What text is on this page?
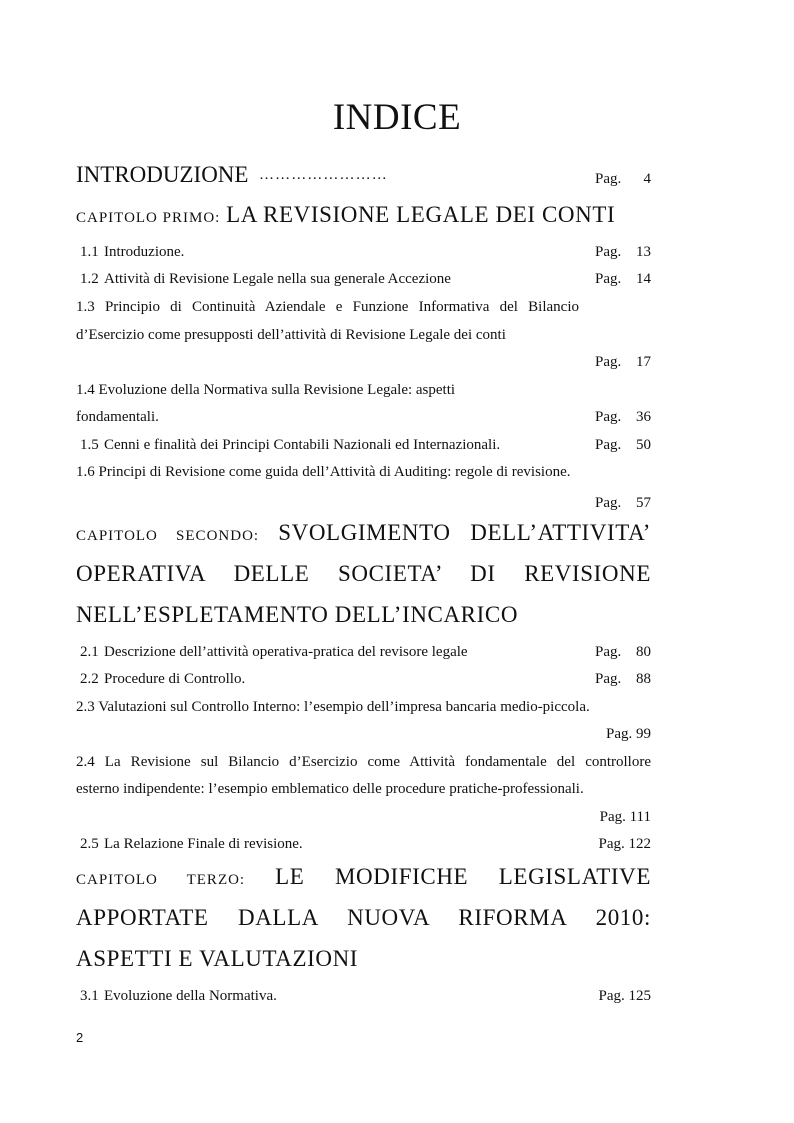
INDICE
INTRODUZIONE ……………………	Pag. 4
CAPITOLO PRIMO: LA REVISIONE LEGALE DEI CONTI
1.1 Introduzione.	Pag. 13
1.2 Attività di Revisione Legale nella sua generale Accezione	Pag. 14
1.3 Principio di Continuità Aziendale e Funzione Informativa del Bilancio
d’Esercizio come presupposti dell’attività di Revisione Legale dei conti
Pag. 17
1.4 Evoluzione della Normativa sulla Revisione Legale: aspetti
fondamentali.	Pag. 36
1.5 Cenni e finalità dei Principi Contabili Nazionali ed Internazionali.	Pag. 50
1.6 Principi di Revisione come guida dell’Attività di Auditing: regole di revisione.
Pag. 57
CAPITOLO SECONDO: SVOLGIMENTO DELL’ATTIVITA’
OPERATIVA DELLE SOCIETA’ DI REVISIONE
NELL’ESPLETAMENTO DELL’INCARICO
2.1 Descrizione dell’attività operativa-pratica del revisore legale	Pag. 80
2.2 Procedure di Controllo.	Pag. 88
2.3 Valutazioni sul Controllo Interno: l’esempio dell’impresa bancaria medio-piccola.
Pag. 99
2.4 La Revisione sul Bilancio d’Esercizio come Attività fondamentale del controllore
esterno indipendente: l’esempio emblematico delle procedure pratiche-professionali.
Pag. 111
2.5 La Relazione Finale di revisione.	Pag. 122
CAPITOLO TERZO: LE MODIFICHE LEGISLATIVE
APPORTATE DALLA NUOVA RIFORMA 2010:
ASPETTI E VALUTAZIONI
3.1 Evoluzione della Normativa.	Pag. 125
2
